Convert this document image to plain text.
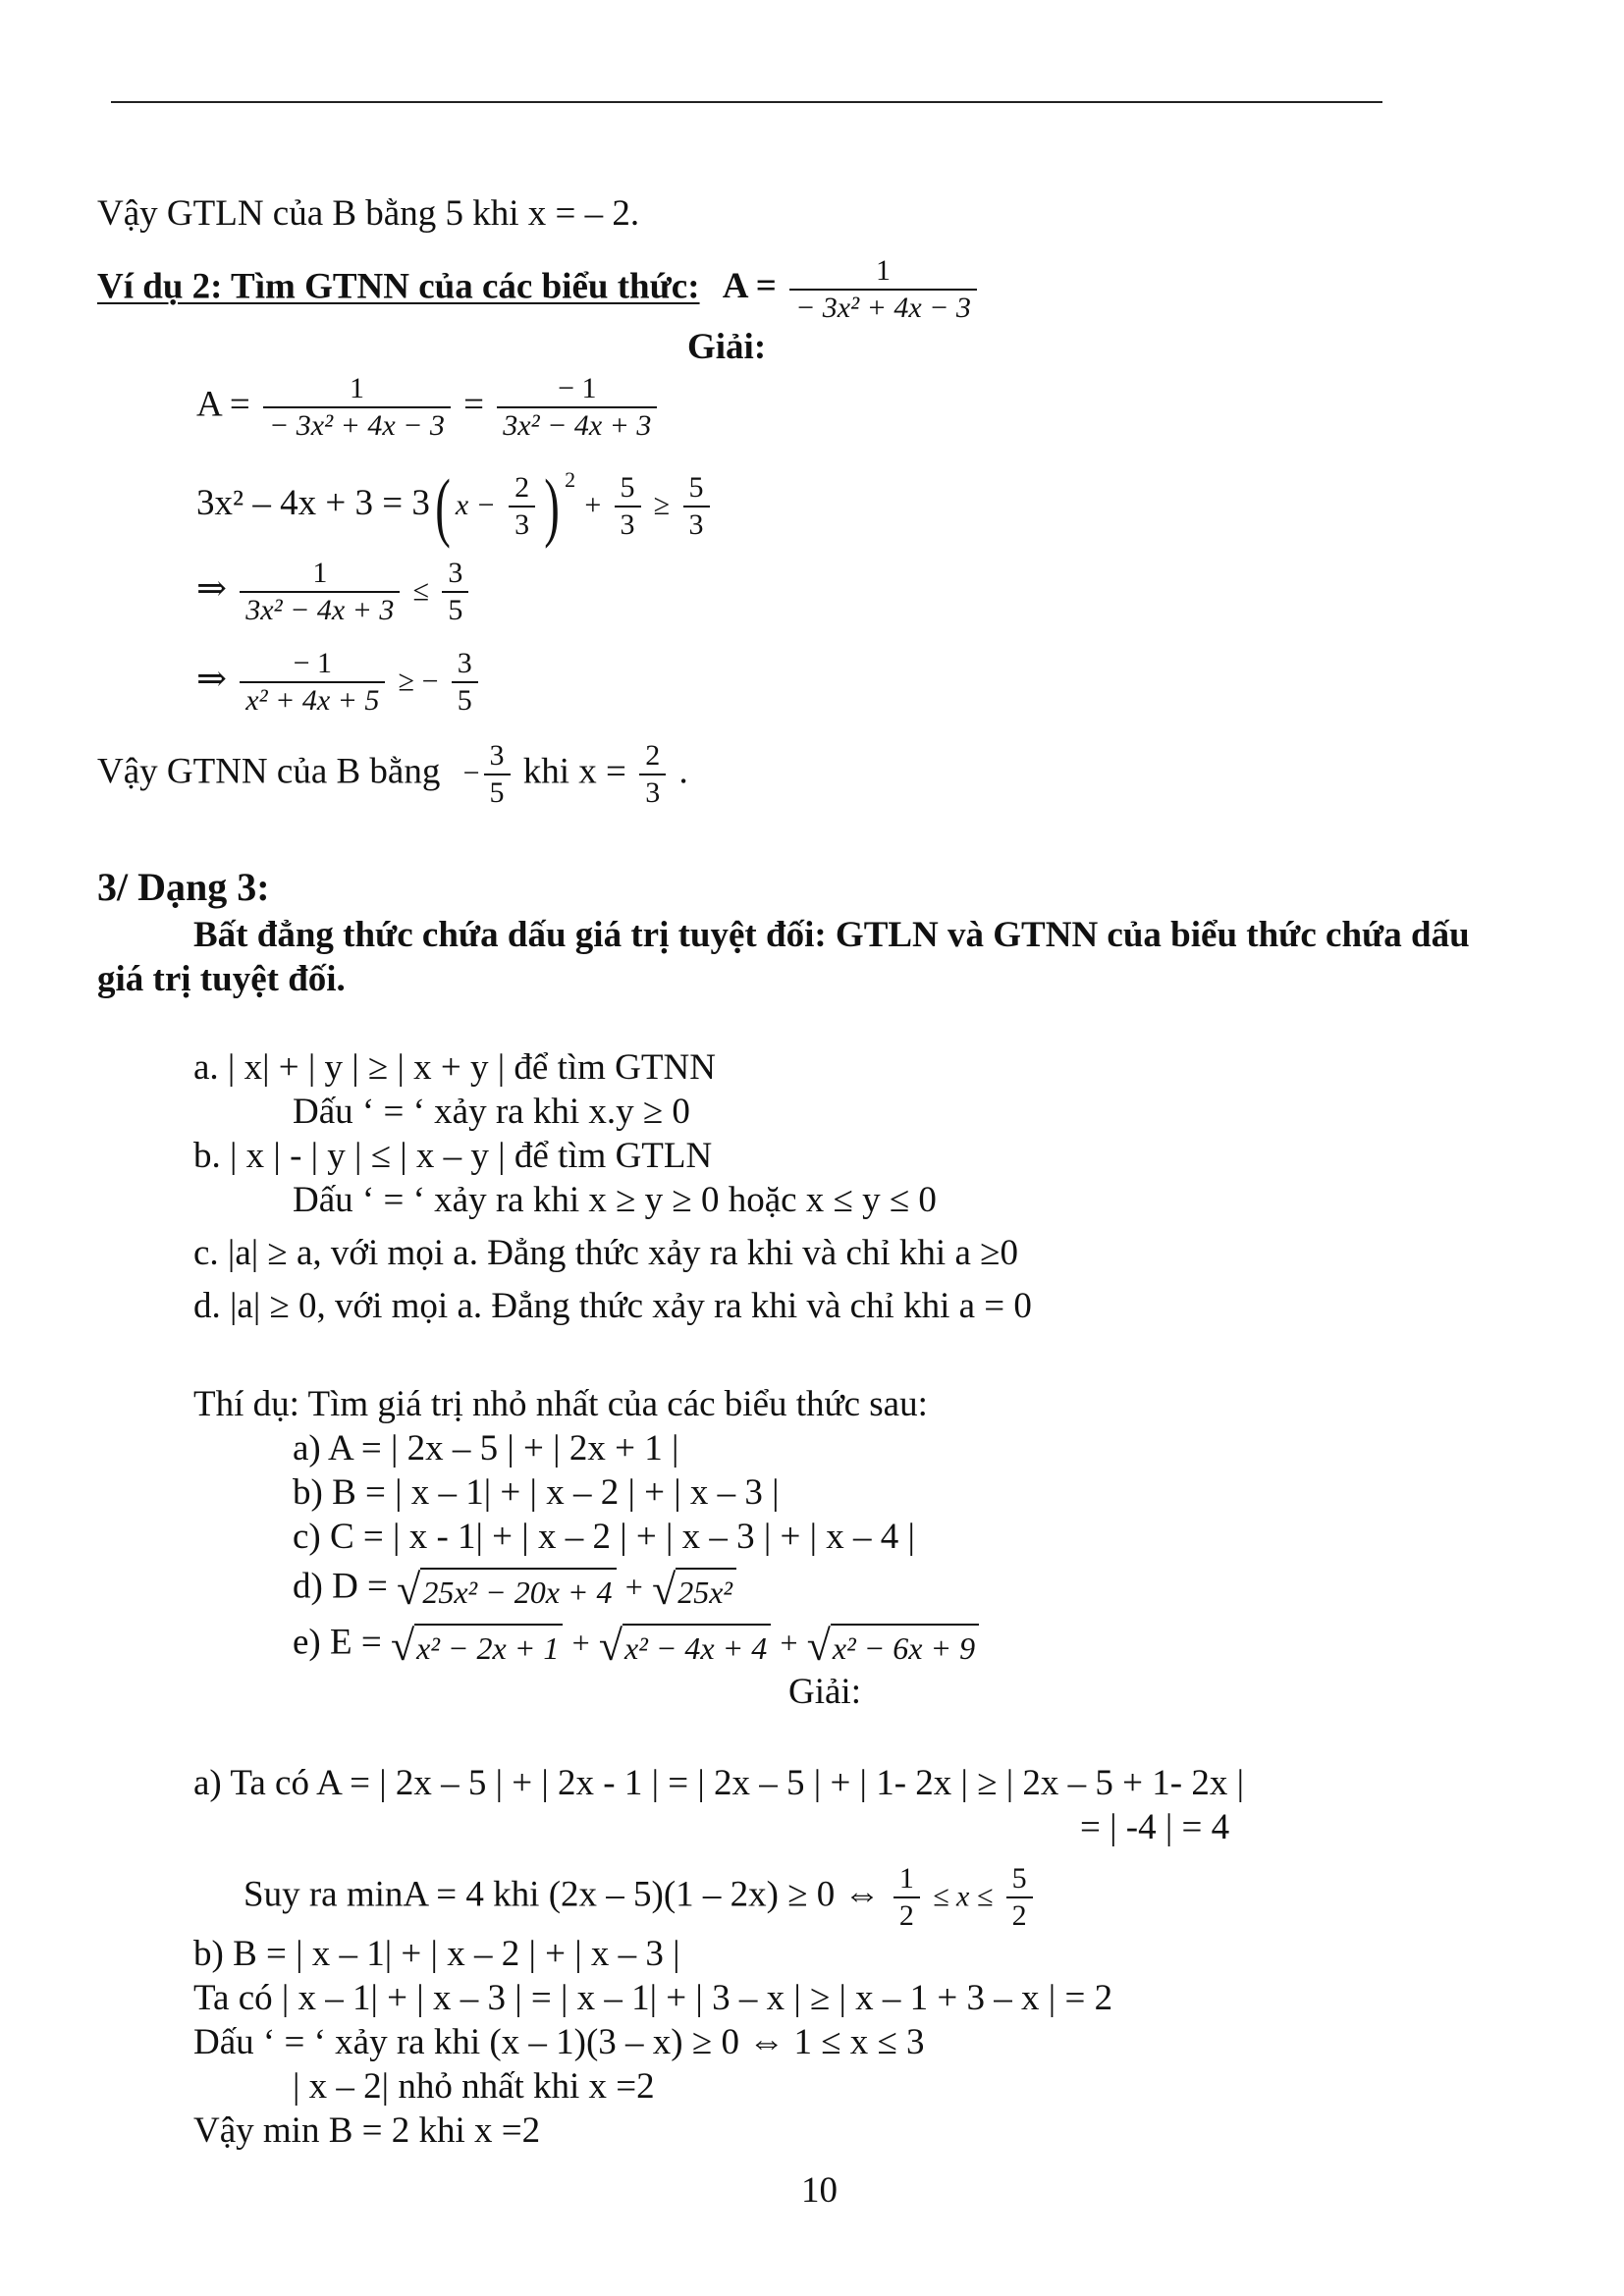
Vậy GTLN của B bằng 5 khi x = – 2.
Ví dụ 2: Tìm GTNN của các biểu thức: $A = \frac{1}{\text{− 3x² + 4x − 3}}$
Giải:
$A = \frac{1}{\text{− 3x² + 4x − 3}} = \frac{- 1}{\text{3x² − 4x + 3}}$
3x² – 4x + 3 = 3( $x - \frac{2}{3}$ ) $^2 + \frac{5}{3} \ge \frac{5}{3}$
⇒ $\frac{1}{\text{3x² − 4x + 3}} \le \frac{3}{5}$
⇒ $\frac{- 1}{\text{x² + 4x + 5}}$ ≥ − $\frac{3}{5}$
Vậy GTNN của B bằng − $\frac{3}{5}$ khi $x = \frac{2}{3}$ .
3/ Dạng 3:
Bất đẳng thức chứa dấu giá trị tuyệt đối: GTLN và GTNN của biểu thức chứa dấu
giá trị tuyệt đối.
a. | x| + | y | ≥ | x + y | để tìm GTNN
Dấu ‘ = ‘ xảy ra khi x.y ≥ 0
b. | x | - | y | ≤ | x – y | để tìm GTLN
Dấu ‘ = ‘ xảy ra khi x ≥ y ≥ 0 hoặc x ≤ y ≤ 0
c. |a| ≥ a, với mọi a. Đẳng thức xảy ra khi và chỉ khi a ≥0
d. |a| ≥ 0, với mọi a. Đẳng thức xảy ra khi và chỉ khi a = 0
Thí dụ: Tìm giá trị nhỏ nhất của các biểu thức sau:
a) A = | 2x – 5 | + | 2x + 1 |
b) B = | x – 1| + | x – 2 | + | x – 3 |
c) C = | x - 1| + | x – 2 | + | x – 3 | + | x – 4 |
d) D = √25x² − 20x + 4 + √25x²
e) E = √x² − 2x + 1 + √x² − 4x + 4 + √x² − 6x + 9
Giải:
a) Ta có A = | 2x – 5 | + | 2x - 1 | = | 2x – 5 | + | 1- 2x | ≥ | 2x – 5 + 1- 2x |
= | -4 | = 4
Suy ra minA = 4 khi (2x – 5)(1 – 2x) ≥ 0 ⇔ $\frac{1}{2} \le x \le \frac{5}{2}$
b) B = | x – 1| + | x – 2 | + | x – 3 |
Ta có | x – 1| + | x – 3 | = | x – 1| + | 3 – x | ≥ | x – 1 + 3 – x | = 2
Dấu ‘ = ‘ xảy ra khi (x – 1)(3 – x) ≥ 0 ⇔ 1 ≤ x ≤ 3
| x – 2| nhỏ nhất khi x =2
Vậy min B = 2 khi x =2
10
